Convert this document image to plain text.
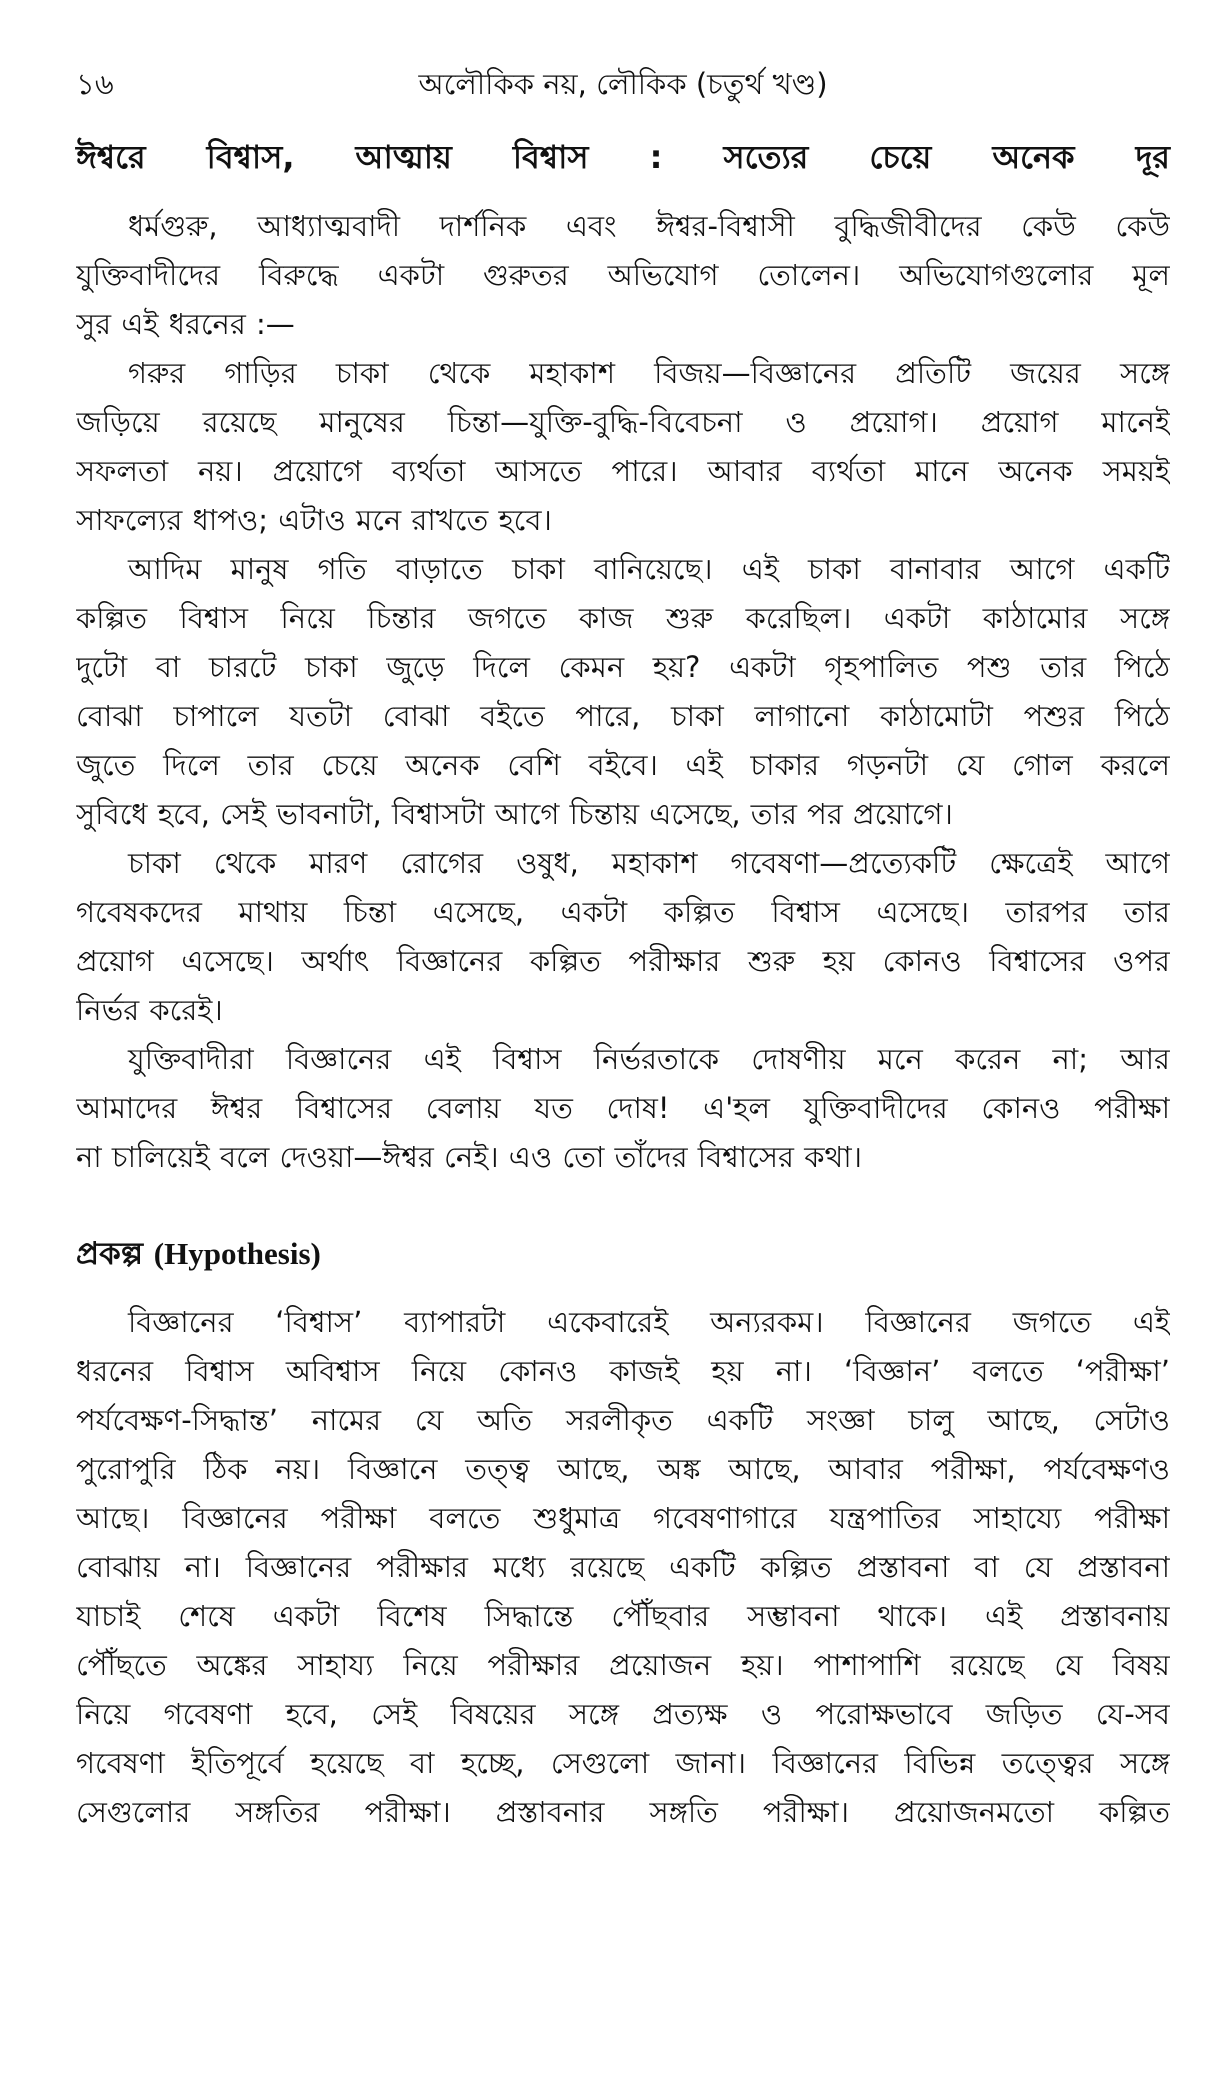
১৬	অলৌকিক নয়, লৌকিক (চতুর্থ খণ্ড)
ঈশ্বরে বিশ্বাস, আত্মায় বিশ্বাস : সত্যের চেয়ে অনেক দূর
ধর্মগুরু, আধ্যাত্মবাদী দার্শনিক এবং ঈশ্বর-বিশ্বাসী বুদ্ধিজীবীদের কেউ কেউ
যুক্তিবাদীদের বিরুদ্ধে একটা গুরুতর অভিযোগ তোলেন। অভিযোগগুলোর মূল
সুর এই ধরনের :—
গরুর গাড়ির চাকা থেকে মহাকাশ বিজয়—বিজ্ঞানের প্রতিটি জয়ের সঙ্গে
জড়িয়ে রয়েছে মানুষের চিন্তা—যুক্তি-বুদ্ধি-বিবেচনা ও প্রয়োগ। প্রয়োগ মানেই
সফলতা নয়। প্রয়োগে ব্যর্থতা আসতে পারে। আবার ব্যর্থতা মানে অনেক সময়ই
সাফল্যের ধাপও; এটাও মনে রাখতে হবে।
আদিম মানুষ গতি বাড়াতে চাকা বানিয়েছে। এই চাকা বানাবার আগে একটি
কল্পিত বিশ্বাস নিয়ে চিন্তার জগতে কাজ শুরু করেছিল। একটা কাঠামোর সঙ্গে
দুটো বা চারটে চাকা জুড়ে দিলে কেমন হয়? একটা গৃহপালিত পশু তার পিঠে
বোঝা চাপালে যতটা বোঝা বইতে পারে, চাকা লাগানো কাঠামোটা পশুর পিঠে
জুতে দিলে তার চেয়ে অনেক বেশি বইবে। এই চাকার গড়নটা যে গোল করলে
সুবিধে হবে, সেই ভাবনাটা, বিশ্বাসটা আগে চিন্তায় এসেছে, তার পর প্রয়োগে।
চাকা থেকে মারণ রোগের ওষুধ, মহাকাশ গবেষণা—প্রত্যেকটি ক্ষেত্রেই আগে
গবেষকদের মাথায় চিন্তা এসেছে, একটা কল্পিত বিশ্বাস এসেছে। তারপর তার
প্রয়োগ এসেছে। অর্থাৎ বিজ্ঞানের কল্পিত পরীক্ষার শুরু হয় কোনও বিশ্বাসের ওপর
নির্ভর করেই।
যুক্তিবাদীরা বিজ্ঞানের এই বিশ্বাস নির্ভরতাকে দোষণীয় মনে করেন না; আর
আমাদের ঈশ্বর বিশ্বাসের বেলায় যত দোষ! এ'হল যুক্তিবাদীদের কোনও পরীক্ষা
না চালিয়েই বলে দেওয়া—ঈশ্বর নেই। এও তো তাঁদের বিশ্বাসের কথা।
প্রকল্প (Hypothesis)
বিজ্ঞানের ‘বিশ্বাস’ ব্যাপারটা একেবারেই অন্যরকম। বিজ্ঞানের জগতে এই
ধরনের বিশ্বাস অবিশ্বাস নিয়ে কোনও কাজই হয় না। ‘বিজ্ঞান’ বলতে ‘পরীক্ষা’
পর্যবেক্ষণ-সিদ্ধান্ত’ নামের যে অতি সরলীকৃত একটি সংজ্ঞা চালু আছে, সেটাও
পুরোপুরি ঠিক নয়। বিজ্ঞানে তত্ত্ব আছে, অঙ্ক আছে, আবার পরীক্ষা, পর্যবেক্ষণও
আছে। বিজ্ঞানের পরীক্ষা বলতে শুধুমাত্র গবেষণাগারে যন্ত্রপাতির সাহায্যে পরীক্ষা
বোঝায় না। বিজ্ঞানের পরীক্ষার মধ্যে রয়েছে একটি কল্পিত প্রস্তাবনা বা যে প্রস্তাবনা
যাচাই শেষে একটা বিশেষ সিদ্ধান্তে পৌঁছবার সম্ভাবনা থাকে। এই প্রস্তাবনায়
পৌঁছতে অঙ্কের সাহায্য নিয়ে পরীক্ষার প্রয়োজন হয়। পাশাপাশি রয়েছে যে বিষয়
নিয়ে গবেষণা হবে, সেই বিষয়ের সঙ্গে প্রত্যক্ষ ও পরোক্ষভাবে জড়িত যে-সব
গবেষণা ইতিপূর্বে হয়েছে বা হচ্ছে, সেগুলো জানা। বিজ্ঞানের বিভিন্ন তত্ত্বের সঙ্গে
সেগুলোর সঙ্গতির পরীক্ষা। প্রস্তাবনার সঙ্গতি পরীক্ষা। প্রয়োজনমতো কল্পিত
